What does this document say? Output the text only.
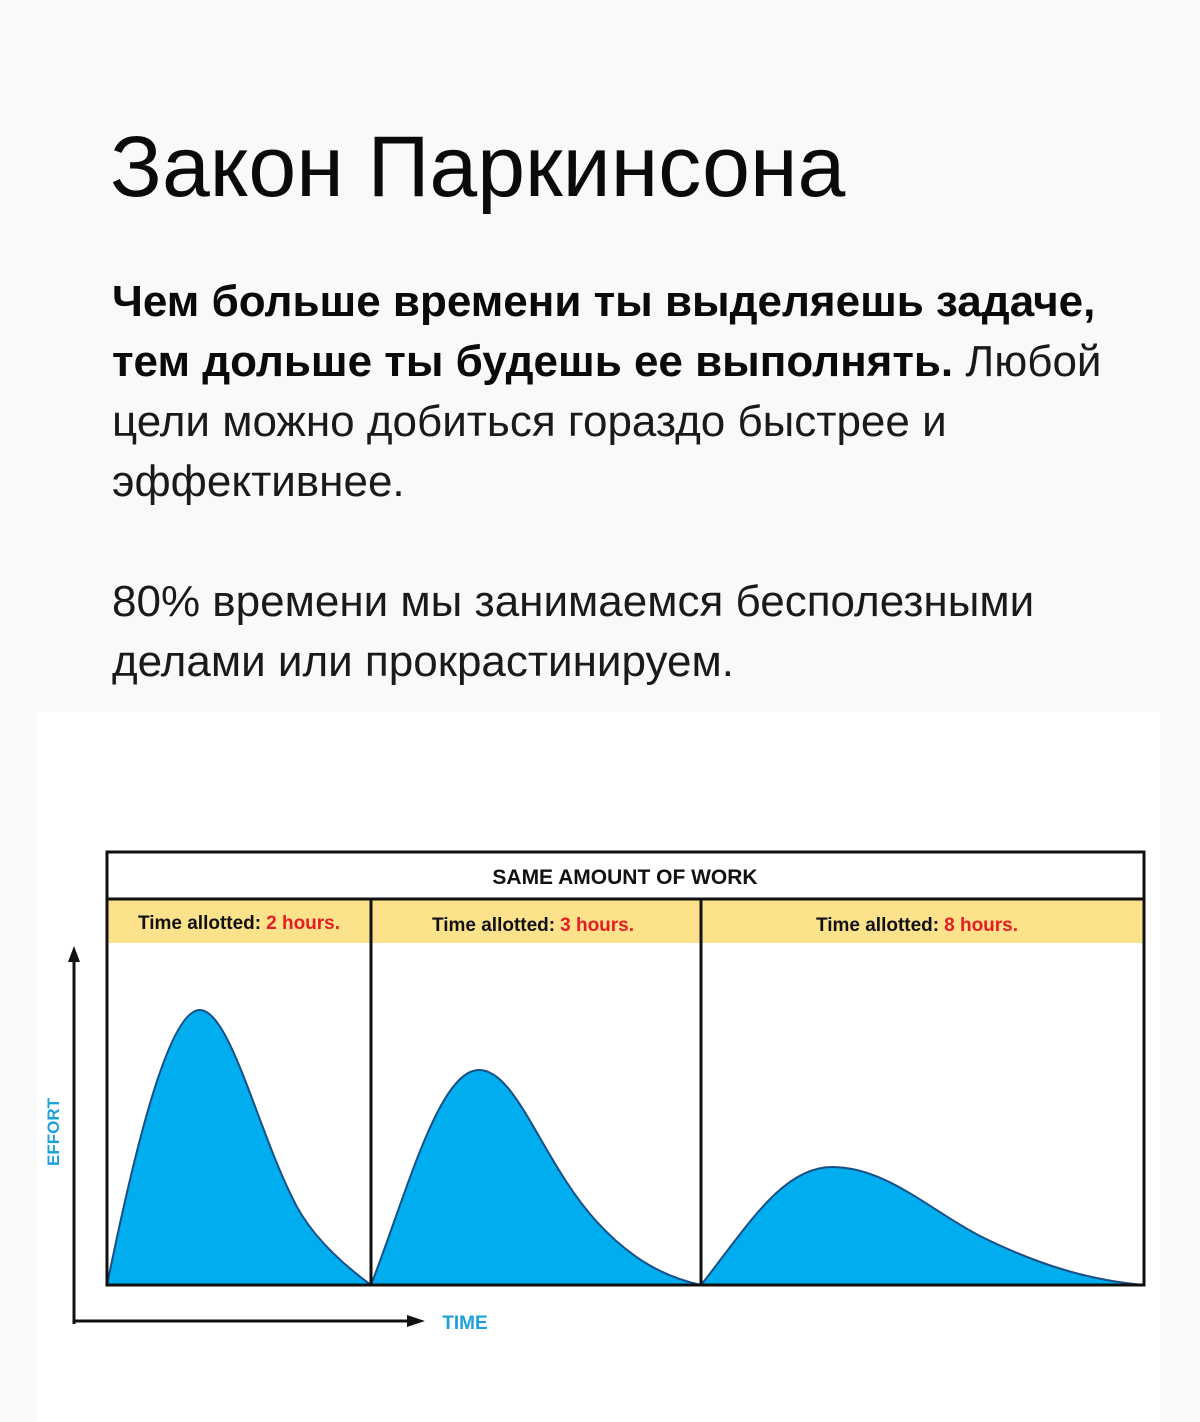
Закон Паркинсона

Чем больше времени ты выделяешь задаче, тем дольше ты будешь ее выполнять. Любой цели можно добиться гораздо быстрее и эффективнее.

80% времени мы занимаемся бесполезными делами или прокрастинируем.

SAME AMOUNT OF WORK
Time allotted: 2 hours.	Time allotted: 3 hours.	Time allotted: 8 hours.
EFFORT
TIME
